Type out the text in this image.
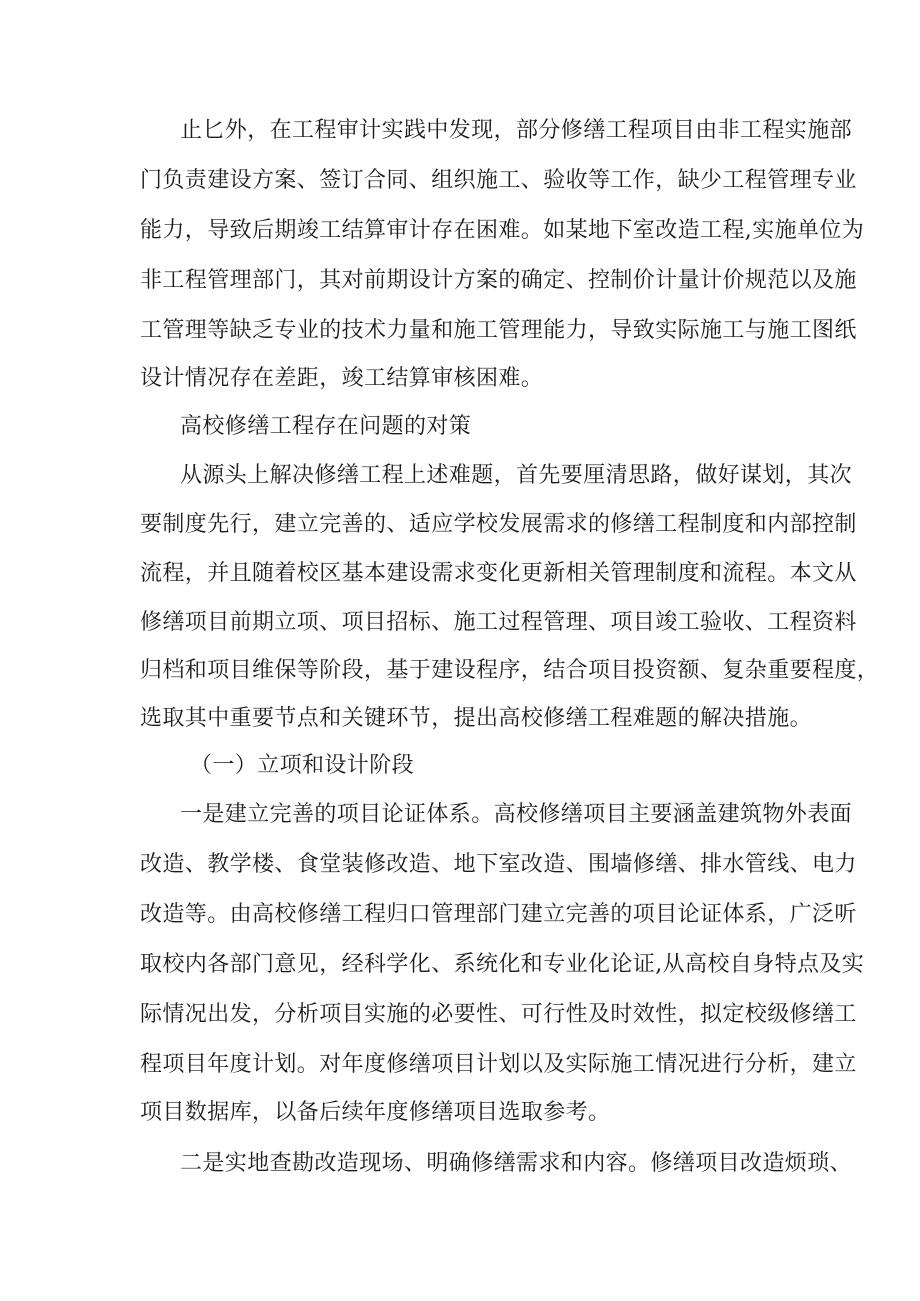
止匕外，在工程审计实践中发现，部分修缮工程项目由非工程实施部
门负责建设方案、签订合同、组织施工、验收等工作，缺少工程管理专业
能力，导致后期竣工结算审计存在困难。如某地下室改造工程,实施单位为
非工程管理部门，其对前期设计方案的确定、控制价计量计价规范以及施
工管理等缺乏专业的技术力量和施工管理能力，导致实际施工与施工图纸
设计情况存在差距，竣工结算审核困难。
高校修缮工程存在问题的对策
从源头上解决修缮工程上述难题，首先要厘清思路，做好谋划，其次
要制度先行，建立完善的、适应学校发展需求的修缮工程制度和内部控制
流程，并且随着校区基本建设需求变化更新相关管理制度和流程。本文从
修缮项目前期立项、项目招标、施工过程管理、项目竣工验收、工程资料
归档和项目维保等阶段，基于建设程序，结合项目投资额、复杂重要程度，
选取其中重要节点和关键环节，提出高校修缮工程难题的解决措施。
（一）立项和设计阶段
一是建立完善的项目论证体系。高校修缮项目主要涵盖建筑物外表面
改造、教学楼、食堂装修改造、地下室改造、围墙修缮、排水管线、电力
改造等。由高校修缮工程归口管理部门建立完善的项目论证体系，广泛听
取校内各部门意见，经科学化、系统化和专业化论证,从高校自身特点及实
际情况出发，分析项目实施的必要性、可行性及时效性，拟定校级修缮工
程项目年度计划。对年度修缮项目计划以及实际施工情况进行分析，建立
项目数据库，以备后续年度修缮项目选取参考。
二是实地查勘改造现场、明确修缮需求和内容。修缮项目改造烦琐、
